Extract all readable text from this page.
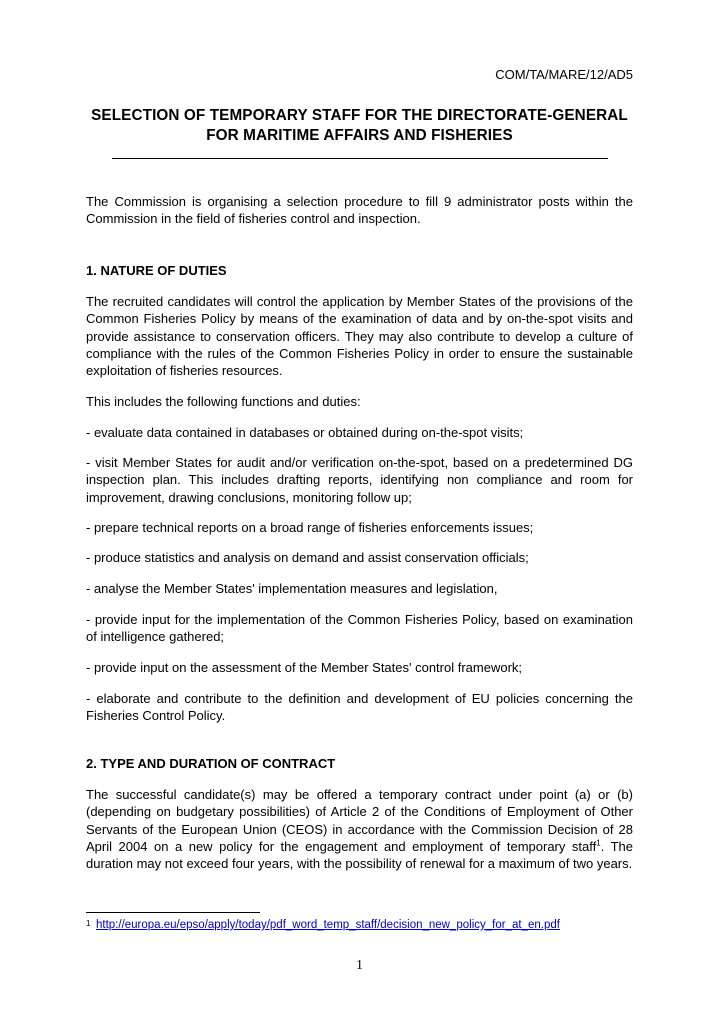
COM/TA/MARE/12/AD5
SELECTION OF TEMPORARY STAFF FOR THE DIRECTORATE-GENERAL FOR MARITIME AFFAIRS AND FISHERIES

The Commission is organising a selection procedure to fill 9 administrator posts within the Commission in the field of fisheries control and inspection.

1. NATURE OF DUTIES

The recruited candidates will control the application by Member States of the provisions of the Common Fisheries Policy by means of the examination of data and by on-the-spot visits and provide assistance to conservation officers. They may also contribute to develop a culture of compliance with the rules of the Common Fisheries Policy in order to ensure the sustainable exploitation of fisheries resources.

This includes the following functions and duties:

- evaluate data contained in databases or obtained during on-the-spot visits;

- visit Member States for audit and/or verification on-the-spot, based on a predetermined DG inspection plan. This includes drafting reports, identifying non compliance and room for improvement, drawing conclusions, monitoring follow up;

- prepare technical reports on a broad range of fisheries enforcements issues;

- produce statistics and analysis on demand and assist conservation officials;

- analyse the Member States' implementation measures and legislation,

- provide input for the implementation of the Common Fisheries Policy, based on examination of intelligence gathered;

- provide input on the assessment of the Member States' control framework;

- elaborate and contribute to the definition and development of EU policies concerning the Fisheries Control Policy.

2. TYPE AND DURATION OF CONTRACT

The successful candidate(s) may be offered a temporary contract under point (a) or (b) (depending on budgetary possibilities) of Article 2 of the Conditions of Employment of Other Servants of the European Union (CEOS) in accordance with the Commission Decision of 28 April 2004 on a new policy for the engagement and employment of temporary staff$^1$. The duration may not exceed four years, with the possibility of renewal for a maximum of two years.

1 http://europa.eu/epso/apply/today/pdf_word_temp_staff/decision_new_policy_for_at_en.pdf
1
